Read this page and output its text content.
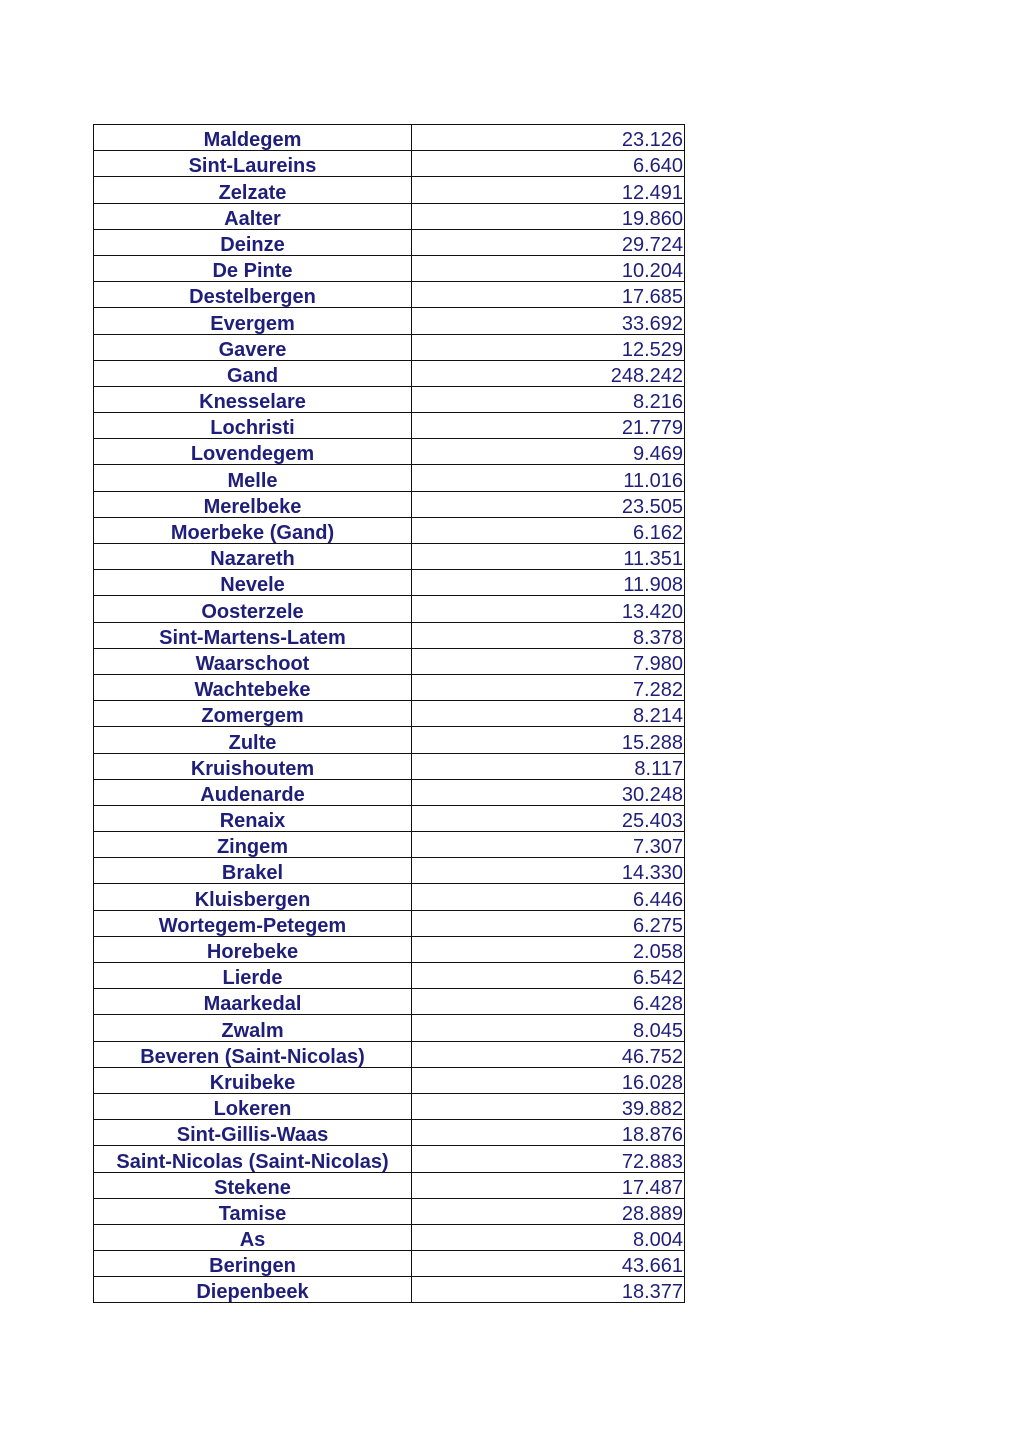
Maldegem	23.126
Sint-Laureins	6.640
Zelzate	12.491
Aalter	19.860
Deinze	29.724
De Pinte	10.204
Destelbergen	17.685
Evergem	33.692
Gavere	12.529
Gand	248.242
Knesselare	8.216
Lochristi	21.779
Lovendegem	9.469
Melle	11.016
Merelbeke	23.505
Moerbeke (Gand)	6.162
Nazareth	11.351
Nevele	11.908
Oosterzele	13.420
Sint-Martens-Latem	8.378
Waarschoot	7.980
Wachtebeke	7.282
Zomergem	8.214
Zulte	15.288
Kruishoutem	8.117
Audenarde	30.248
Renaix	25.403
Zingem	7.307
Brakel	14.330
Kluisbergen	6.446
Wortegem-Petegem	6.275
Horebeke	2.058
Lierde	6.542
Maarkedal	6.428
Zwalm	8.045
Beveren (Saint-Nicolas)	46.752
Kruibeke	16.028
Lokeren	39.882
Sint-Gillis-Waas	18.876
Saint-Nicolas (Saint-Nicolas)	72.883
Stekene	17.487
Tamise	28.889
As	8.004
Beringen	43.661
Diepenbeek	18.377
